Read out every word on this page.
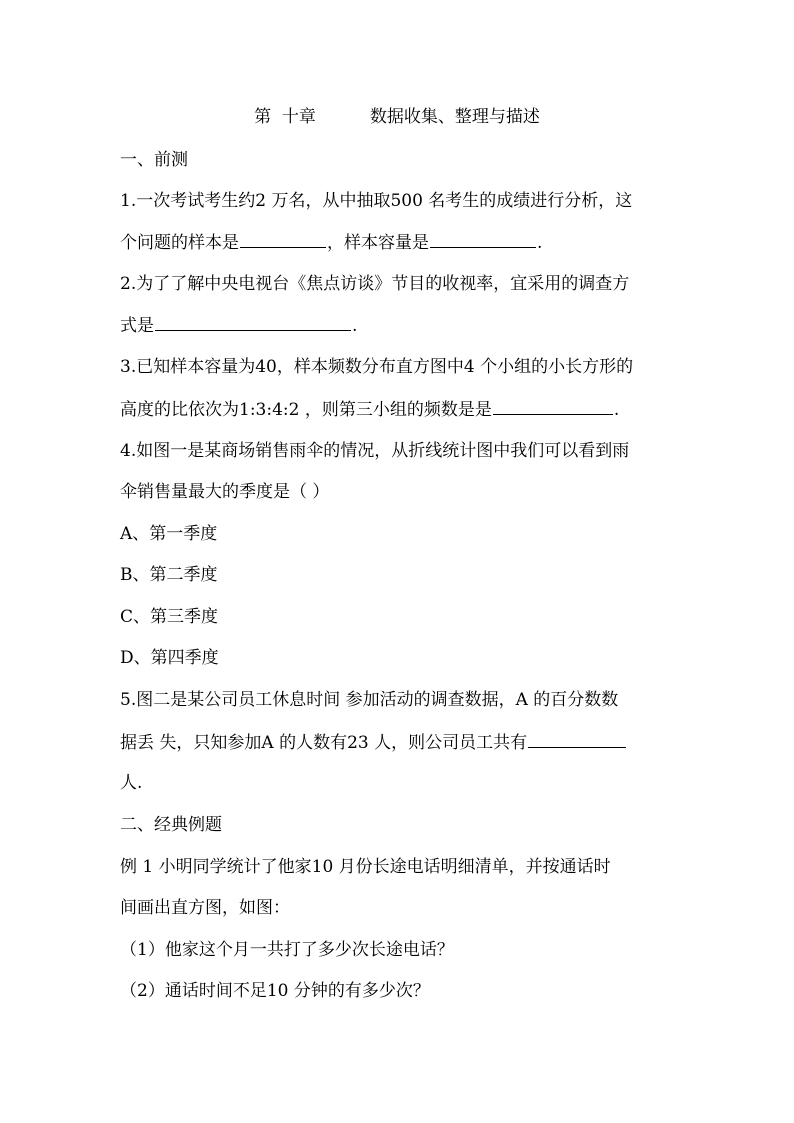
第  十章          数据收集、整理与描述
一、前测
1.一次考试考生约2 万名，从中抽取500 名考生的成绩进行分析，这
个问题的样本是	，样本容量是	.
2.为了了解中央电视台《焦点访谈》节目的收视率，宜采用的调查方
式是	.
3.已知样本容量为40，样本频数分布直方图中4 个小组的小长方形的
高度的比依次为1:3:4:2 ，则第三小组的频数是是	.
4.如图一是某商场销售雨伞的情况，从折线统计图中我们可以看到雨
伞销售量最大的季度是（ ）
A、第一季度
B、第二季度
C、第三季度
D、第四季度
5.图二是某公司员工休息时间 参加活动的调查数据，A 的百分数数
据丢 失，只知参加A 的人数有23 人，则公司员工共有
人.
二、经典例题
例 1 小明同学统计了他家10 月份长途电话明细清单，并按通话时
间画出直方图，如图：
（1）他家这个月一共打了多少次长途电话？
（2）通话时间不足10 分钟的有多少次？
